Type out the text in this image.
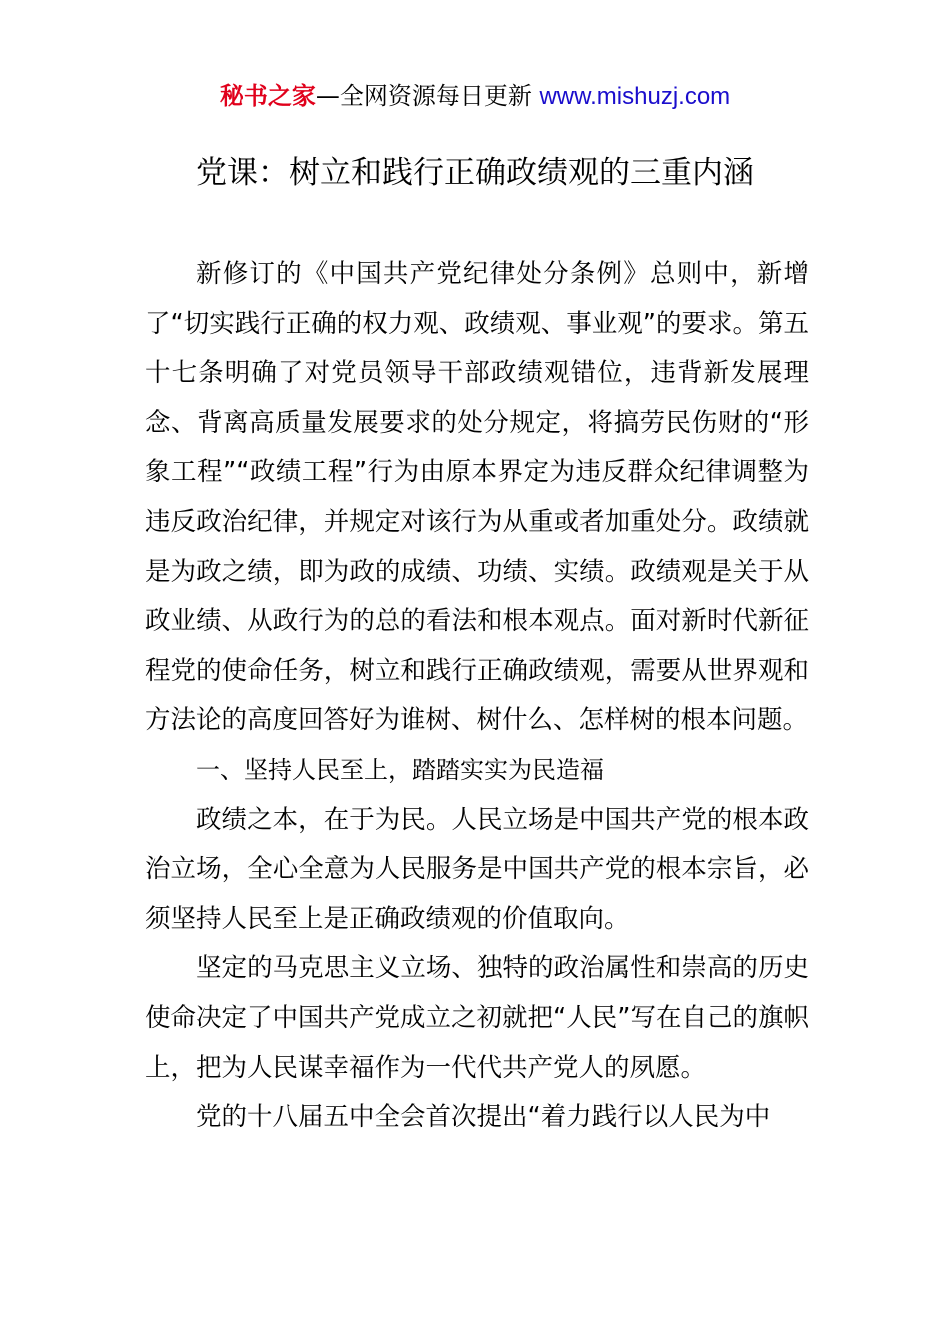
秘书之家—全网资源每日更新 www.mishuzj.com
党课：树立和践行正确政绩观的三重内涵

新修订的《中国共产党纪律处分条例》总则中，新增了“切实践行正确的权力观、政绩观、事业观”的要求。第五十七条明确了对党员领导干部政绩观错位，违背新发展理念、背离高质量发展要求的处分规定，将搞劳民伤财的“形象工程”“政绩工程”行为由原本界定为违反群众纪律调整为违反政治纪律，并规定对该行为从重或者加重处分。政绩就是为政之绩，即为政的成绩、功绩、实绩。政绩观是关于从政业绩、从政行为的总的看法和根本观点。面对新时代新征程党的使命任务，树立和践行正确政绩观，需要从世界观和方法论的高度回答好为谁树、树什么、怎样树的根本问题。

一、坚持人民至上，踏踏实实为民造福

政绩之本，在于为民。人民立场是中国共产党的根本政治立场，全心全意为人民服务是中国共产党的根本宗旨，必须坚持人民至上是正确政绩观的价值取向。

坚定的马克思主义立场、独特的政治属性和崇高的历史使命决定了中国共产党成立之初就把“人民”写在自己的旗帜上，把为人民谋幸福作为一代代共产党人的夙愿。

党的十八届五中全会首次提出“着力践行以人民为中
